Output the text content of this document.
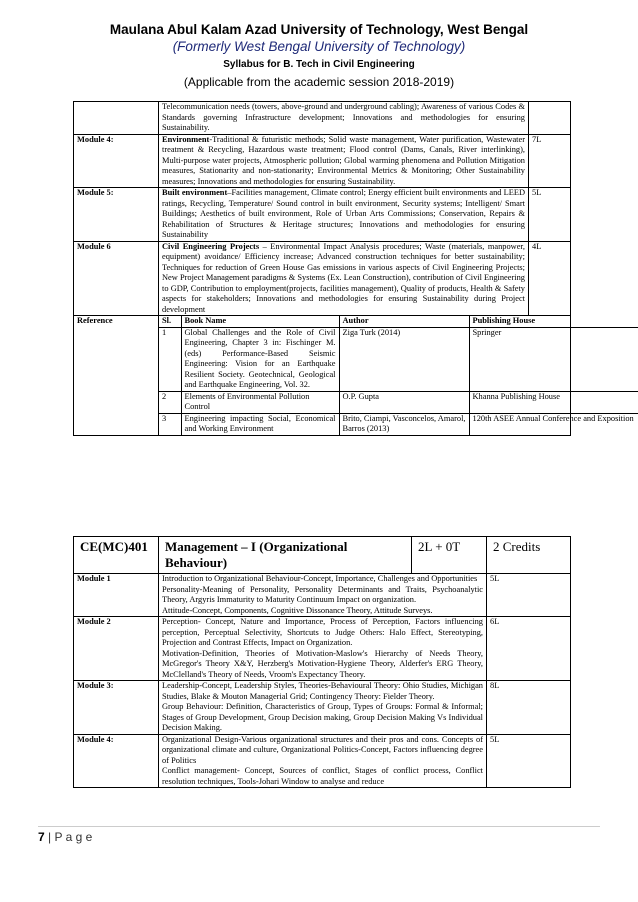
Maulana Abul Kalam Azad University of Technology, West Bengal
(Formerly West Bengal University of Technology)
Syllabus for B. Tech in Civil Engineering
(Applicable from the academic session 2018-2019)
	Telecommunication needs (towers, above-ground and underground cabling); Awareness of various Codes & Standards governing Infrastructure development; Innovations and methodologies for ensuring Sustainability.	
Module 4:	Environment-Traditional & futuristic methods; Solid waste management, Water purification, Wastewater treatment & Recycling, Hazardous waste treatment; Flood control (Dams, Canals, River interlinking), Multi-purpose water projects, Atmospheric pollution; Global warming phenomena and Pollution Mitigation measures, Stationarity and non-stationarity; Environmental Metrics & Monitoring; Other Sustainability measures; Innovations and methodologies for ensuring Sustainability.	7L
Module 5:	Built environment–Facilities management, Climate control; Energy efficient built environments and LEED ratings, Recycling, Temperature/ Sound control in built environment, Security systems; Intelligent/ Smart Buildings; Aesthetics of built environment, Role of Urban Arts Commissions; Conservation, Repairs & Rehabilitation of Structures & Heritage structures; Innovations and methodologies for ensuring Sustainability	5L
Module 6	Civil Engineering Projects – Environmental Impact Analysis procedures; Waste (materials, manpower, equipment) avoidance/ Efficiency increase; Advanced construction techniques for better sustainability; Techniques for reduction of Green House Gas emissions in various aspects of Civil Engineering Projects; New Project Management paradigms & Systems (Ex. Lean Construction), contribution of Civil Engineering to GDP, Contribution to employment(projects, facilities management), Quality of products, Health & Safety aspects for stakeholders; Innovations and methodologies for ensuring Sustainability during Project development	4L
Reference		Sl.	Book Name	Author	Publishing House
1	Global Challenges and the Role of Civil Engineering, Chapter 3 in: Fischinger M. (eds) Performance-Based Seismic Engineering: Vision for an Earthquake Resilient Society. Geotechnical, Geological and Earthquake Engineering, Vol. 32.	Ziga Turk (2014)	Springer
2	Elements of Environmental Pollution Control	O.P. Gupta	Khanna Publishing House
3	Engineering impacting Social, Economical and Working Environment	Brito, Ciampi, Vasconcelos, Amarol, Barros (2013)	120th ASEE Annual Conference and Exposition
CE(MC)401	Management – I (Organizational Behaviour)	2L + 0T	2 Credits
Module 1	Introduction to Organizational Behaviour-Concept, Importance, Challenges and Opportunities
Personality-Meaning of Personality, Personality Determinants and Traits, Psychoanalytic Theory, Argyris Immaturity to Maturity Continuum Impact on organization.
Attitude-Concept, Components, Cognitive Dissonance Theory, Attitude Surveys.		5L
Module 2	Perception- Concept, Nature and Importance, Process of Perception, Factors influencing perception, Perceptual Selectivity, Shortcuts to Judge Others: Halo Effect, Stereotyping, Projection and Contrast Effects, Impact on Organization.
Motivation-Definition, Theories of Motivation-Maslow's Hierarchy of Needs Theory, McGregor's Theory X&Y, Herzberg's Motivation-Hygiene Theory, Alderfer's ERG Theory, McClelland's Theory of Needs, Vroom's Expectancy Theory.		6L
Module 3:	Leadership-Concept, Leadership Styles, Theories-Behavioural Theory: Ohio Studies, Michigan Studies, Blake & Mouton Managerial Grid; Contingency Theory: Fielder Theory.
Group Behaviour: Definition, Characteristics of Group, Types of Groups: Formal & Informal; Stages of Group Development, Group Decision making, Group Decision Making Vs Individual Decision Making.		8L
Module 4:	Organizational Design-Various organizational structures and their pros and cons. Concepts of organizational climate and culture, Organizational Politics-Concept, Factors influencing degree of Politics
Conflict management- Concept, Sources of conflict, Stages of conflict process, Conflict resolution techniques, Tools-Johari Window to analyse and reduce		5L
7 | P a g e
